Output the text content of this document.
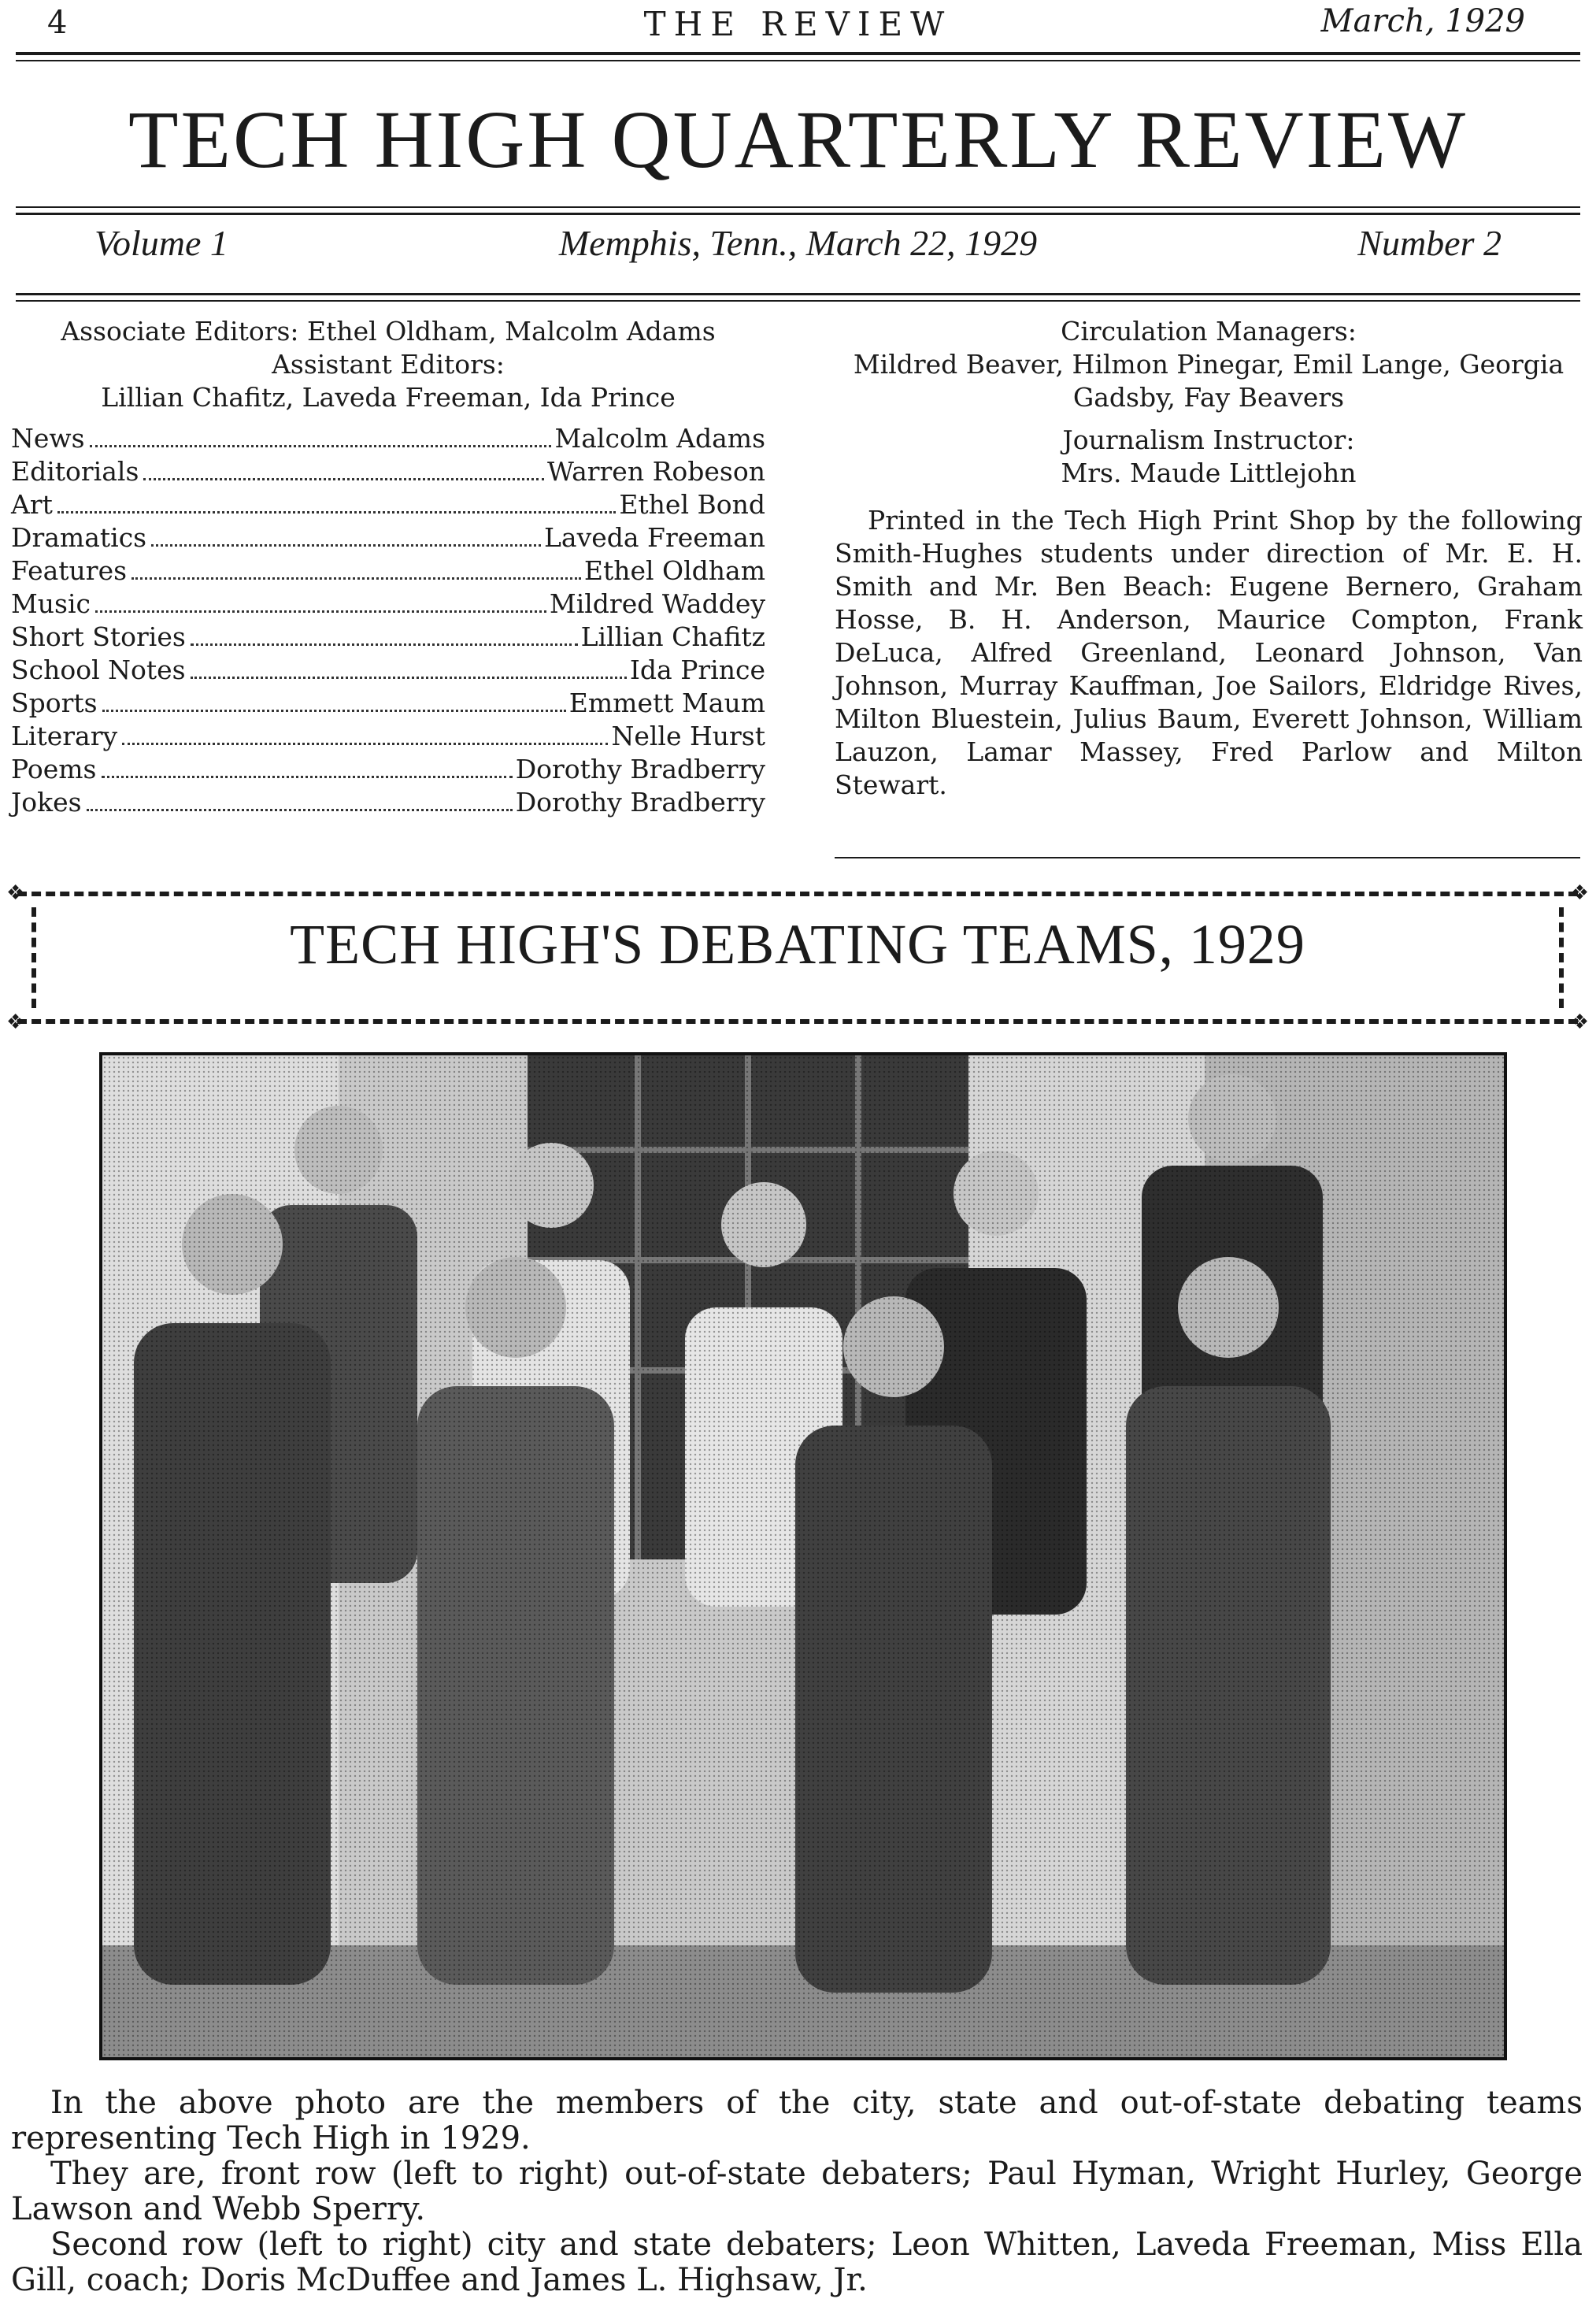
4	THE REVIEW	March, 1929
TECH HIGH QUARTERLY REVIEW
Volume 1	Memphis, Tenn., March 22, 1929	Number 2
Associate Editors: Ethel Oldham, Malcolm Adams
Assistant Editors:
Lillian Chafitz, Laveda Freeman, Ida Prince
News	Malcolm Adams
Editorials	Warren Robeson
Art	Ethel Bond
Dramatics	Laveda Freeman
Features	Ethel Oldham
Music	Mildred Waddey
Short Stories	Lillian Chafitz
School Notes	Ida Prince
Sports	Emmett Maum
Literary	Nelle Hurst
Poems	Dorothy Bradberry
Jokes	Dorothy Bradberry
Circulation Managers:
Mildred Beaver, Hilmon Pinegar, Emil Lange, Georgia Gadsby, Fay Beavers
Journalism Instructor:
Mrs. Maude Littlejohn
Printed in the Tech High Print Shop by the following Smith-Hughes students under direction of Mr. E. H. Smith and Mr. Ben Beach: Eugene Bernero, Graham Hosse, B. H. Anderson, Maurice Compton, Frank DeLuca, Alfred Greenland, Leonard Johnson, Van Johnson, Murray Kauffman, Joe Sailors, Eldridge Rives, Milton Bluestein, Julius Baum, Everett Johnson, William Lauzon, Lamar Massey, Fred Parlow and Milton Stewart.
TECH HIGH'S DEBATING TEAMS, 1929
❖	❖
❖	❖

In the above photo are the members of the city, state and out-of-state debating teams representing Tech High in 1929.

They are, front row (left to right) out-of-state debaters; Paul Hyman, Wright Hurley, George Lawson and Webb Sperry.

Second row (left to right) city and state debaters; Leon Whitten, Laveda Freeman, Miss Ella Gill, coach; Doris McDuffee and James L. Highsaw, Jr.
